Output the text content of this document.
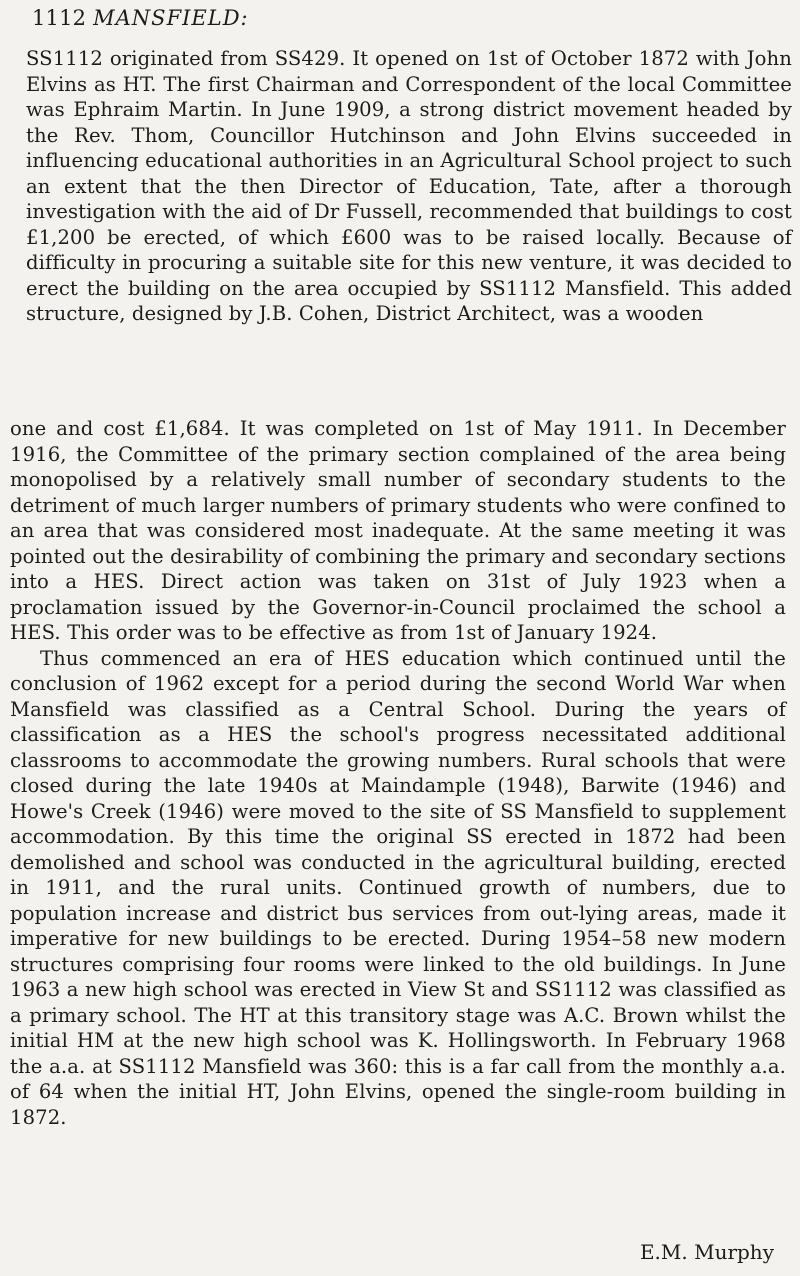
1112 MANSFIELD:

SS1112 originated from SS429. It opened on 1st of October 1872 with John Elvins as HT. The first Chairman and Correspondent of the local Committee was Ephraim Martin. In June 1909, a strong district movement headed by the Rev. Thom, Councillor Hutchinson and John Elvins succeeded in influencing educational authorities in an Agricultural School project to such an extent that the then Director of Education, Tate, after a thorough investigation with the aid of Dr Fussell, recommended that buildings to cost £1,200 be erected, of which £600 was to be raised locally. Because of difficulty in procuring a suitable site for this new venture, it was decided to erect the building on the area occupied by SS1112 Mansfield. This added structure, designed by J.B. Cohen, District Architect, was a wooden

one and cost £1,684. It was completed on 1st of May 1911. In December 1916, the Committee of the primary section complained of the area being monopolised by a relatively small number of secondary students to the detriment of much larger numbers of primary students who were confined to an area that was considered most inadequate. At the same meeting it was pointed out the desirability of combining the primary and secondary sections into a HES. Direct action was taken on 31st of July 1923 when a proclamation issued by the Governor-in-Council proclaimed the school a HES. This order was to be effective as from 1st of January 1924.

Thus commenced an era of HES education which continued until the conclusion of 1962 except for a period during the second World War when Mansfield was classified as a Central School. During the years of classification as a HES the school's progress necessitated additional classrooms to accommodate the growing numbers. Rural schools that were closed during the late 1940s at Maindample (1948), Barwite (1946) and Howe's Creek (1946) were moved to the site of SS Mansfield to supplement accommodation. By this time the original SS erected in 1872 had been demolished and school was conducted in the agricultural building, erected in 1911, and the rural units. Continued growth of numbers, due to population increase and district bus services from out-lying areas, made it imperative for new buildings to be erected. During 1954–58 new modern structures comprising four rooms were linked to the old buildings. In June 1963 a new high school was erected in View St and SS1112 was classified as a primary school. The HT at this transitory stage was A.C. Brown whilst the initial HM at the new high school was K. Hollingsworth. In February 1968 the a.a. at SS1112 Mansfield was 360: this is a far call from the monthly a.a. of 64 when the initial HT, John Elvins, opened the single-room building in 1872.

E.M. Murphy
